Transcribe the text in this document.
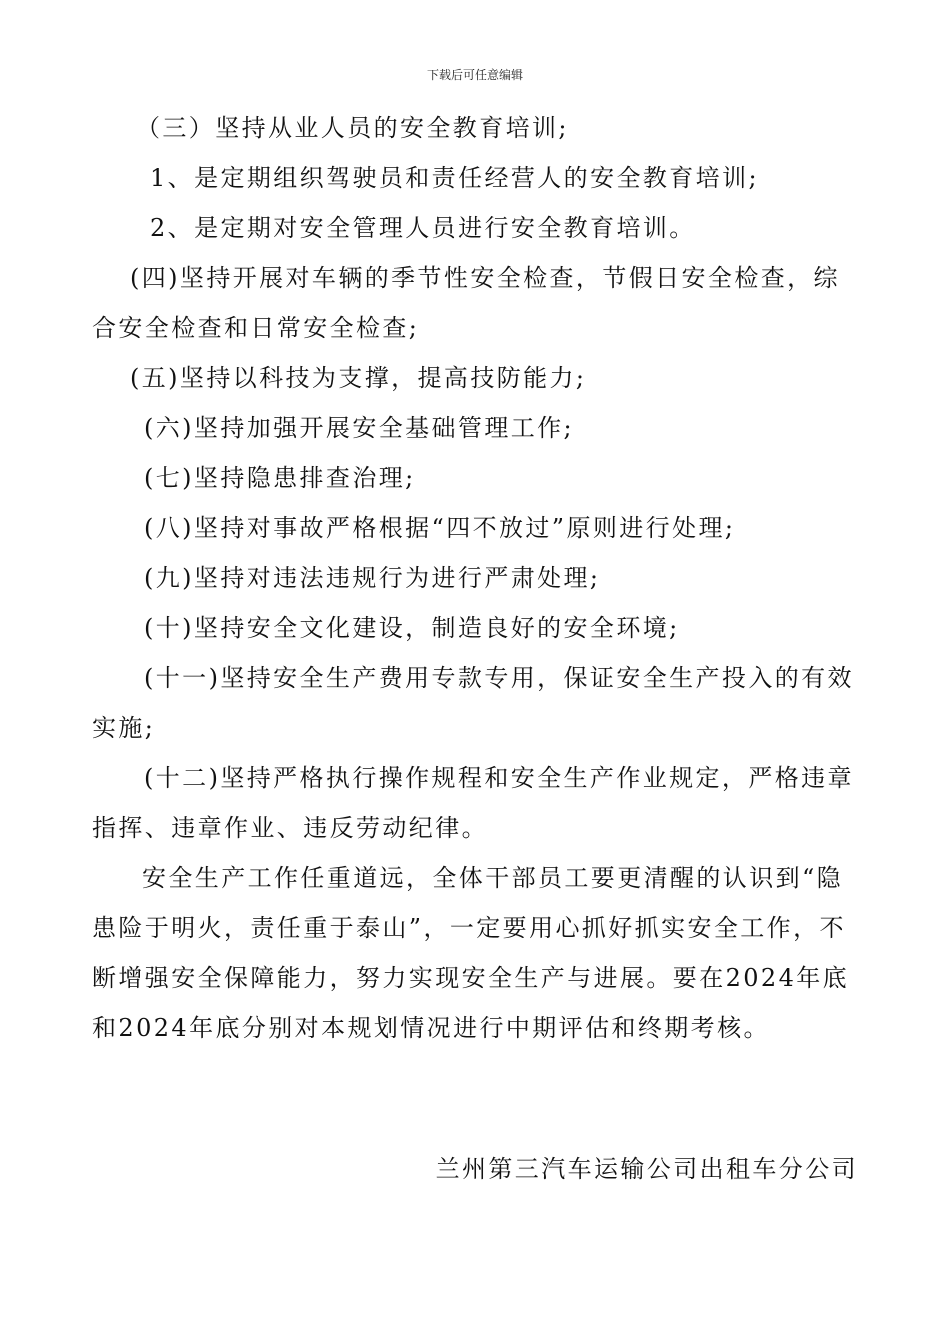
下载后可任意编辑

（三）坚持从业人员的安全教育培训;

1、是定期组织驾驶员和责任经营人的安全教育培训;

2、是定期对安全管理人员进行安全教育培训。

(四)坚持开展对车辆的季节性安全检查，节假日安全检查，综合安全检查和日常安全检查;

(五)坚持以科技为支撑，提高技防能力;

(六)坚持加强开展安全基础管理工作;

(七)坚持隐患排查治理;

(八)坚持对事故严格根据“四不放过”原则进行处理;

(九)坚持对违法违规行为进行严肃处理;

(十)坚持安全文化建设，制造良好的安全环境;

(十一)坚持安全生产费用专款专用，保证安全生产投入的有效实施;

(十二)坚持严格执行操作规程和安全生产作业规定，严格违章指挥、违章作业、违反劳动纪律。

安全生产工作任重道远，全体干部员工要更清醒的认识到“隐患险于明火，责任重于泰山”，一定要用心抓好抓实安全工作，不断增强安全保障能力，努力实现安全生产与进展。要在2024年底和2024年底分别对本规划情况进行中期评估和终期考核。

兰州第三汽车运输公司出租车分公司
